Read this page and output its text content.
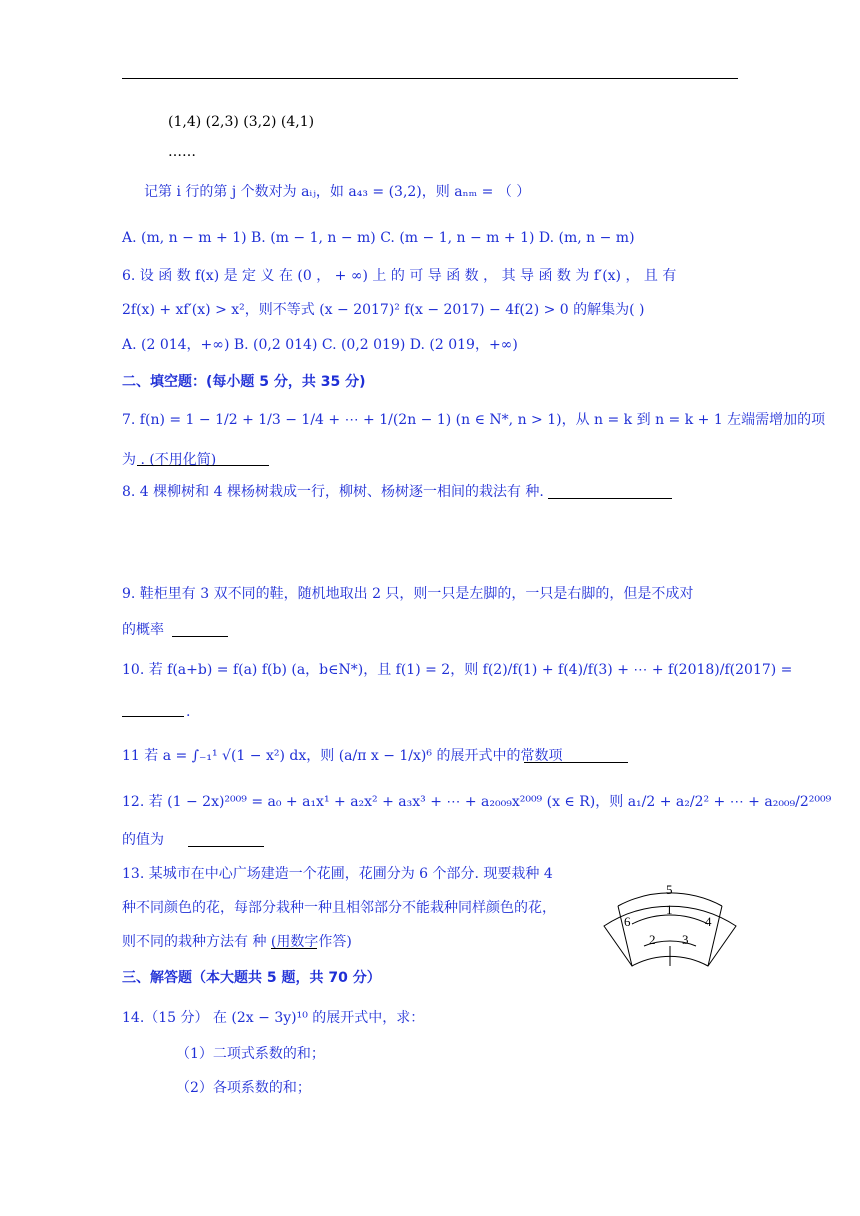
(1,4) (2,3) (3,2) (4,1)
……
记第 i 行的第 j 个数对为 aᵢⱼ，如 a₄₃ = (3,2)，则 aₙₘ = （ ）
A. (m, n − m + 1) B. (m − 1, n − m) C. (m − 1, n − m + 1) D. (m, n − m)
6. 设 函 数 f(x) 是 定 义 在 (0 ， + ∞) 上 的 可 导 函 数 ， 其 导 函 数 为 f′(x) ， 且 有
2f(x) + xf′(x) > x²，则不等式 (x − 2017)² f(x − 2017) − 4f(2) > 0 的解集为( )
A. (2 014，+∞) B. (0,2 014) C. (0,2 019) D. (2 019，+∞)
二、填空题：(每小题 5 分，共 35 分)
7. f(n) = 1 − 1/2 + 1/3 − 1/4 + ⋯ + 1/(2n − 1) (n ∈ N*, n > 1)，从 n = k 到 n = k + 1 左端需增加的项
为 . (不用化简)
8. 4 棵柳树和 4 棵杨树栽成一行，柳树、杨树逐一相间的栽法有 种.
9. 鞋柜里有 3 双不同的鞋，随机地取出 2 只，则一只是左脚的，一只是右脚的，但是不成对
的概率
10. 若 f(a+b) = f(a) f(b) (a，b∈N*)，且 f(1) = 2，则 f(2)/f(1) + f(4)/f(3) + ⋯ + f(2018)/f(2017) =
.
11 若 a = ∫₋₁¹ √(1 − x²) dx，则 (a/π x − 1/x)⁶ 的展开式中的常数项
12. 若 (1 − 2x)²⁰⁰⁹ = a₀ + a₁x¹ + a₂x² + a₃x³ + ⋯ + a₂₀₀₉x²⁰⁰⁹ (x ∈ R)，则 a₁/2 + a₂/2² + ⋯ + a₂₀₀₉/2²⁰⁰⁹
的值为
13. 某城市在中心广场建造一个花圃，花圃分为 6 个部分. 现要栽种 4
种不同颜色的花，每部分栽种一种且相邻部分不能栽种同样颜色的花，
则不同的栽种方法有 种 (用数字作答)
5
1
6	4
2 3
三、解答题（本大题共 5 题，共 70 分）
14.（15 分） 在 (2x − 3y)¹⁰ 的展开式中，求：
（1）二项式系数的和；
（2）各项系数的和；
